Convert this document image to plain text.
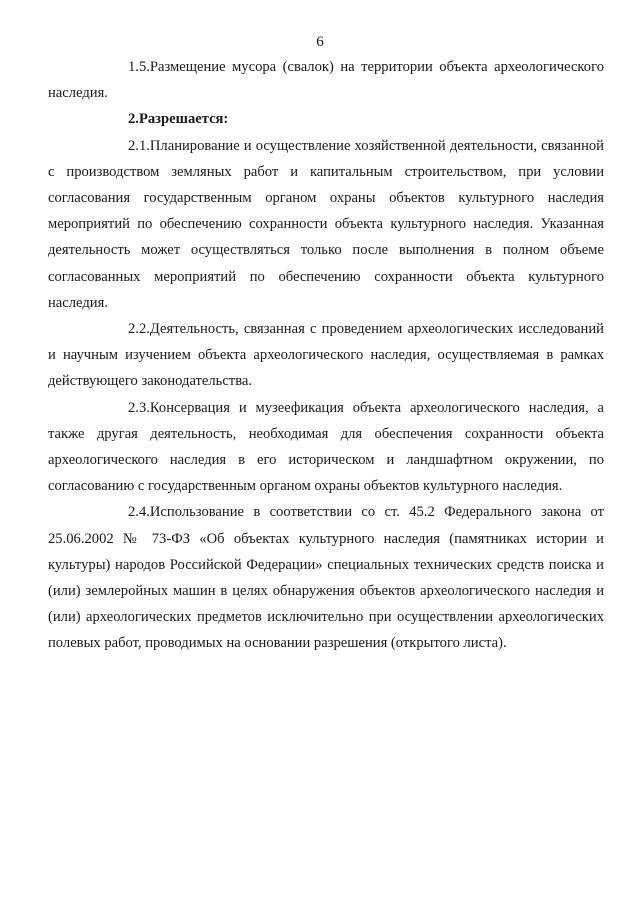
6

1.5.Размещение мусора (свалок) на территории объекта археологического наследия.

2.Разрешается:

2.1.Планирование и осуществление хозяйственной деятельности, связанной с производством земляных работ и капитальным строительством, при условии согласования государственным органом охраны объектов культурного наследия мероприятий по обеспечению сохранности объекта культурного наследия. Указанная деятельность может осуществляться только после выполнения в полном объеме согласованных мероприятий по обеспечению сохранности объекта культурного наследия.

2.2.Деятельность, связанная с проведением археологических исследований и научным изучением объекта археологического наследия, осуществляемая в рамках действующего законодательства.

2.3.Консервация и музеефикация объекта археологического наследия, а также другая деятельность, необходимая для обеспечения сохранности объекта археологического наследия в его историческом и ландшафтном окружении, по согласованию с государственным органом охраны объектов культурного наследия.

2.4.Использование в соответствии со ст. 45.2 Федерального закона от 25.06.2002 № 73-ФЗ «Об объектах культурного наследия (памятниках истории и культуры) народов Российской Федерации» специальных технических средств поиска и (или) землеройных машин в целях обнаружения объектов археологического наследия и (или) археологических предметов исключительно при осуществлении археологических полевых работ, проводимых на основании разрешения (открытого листа).
